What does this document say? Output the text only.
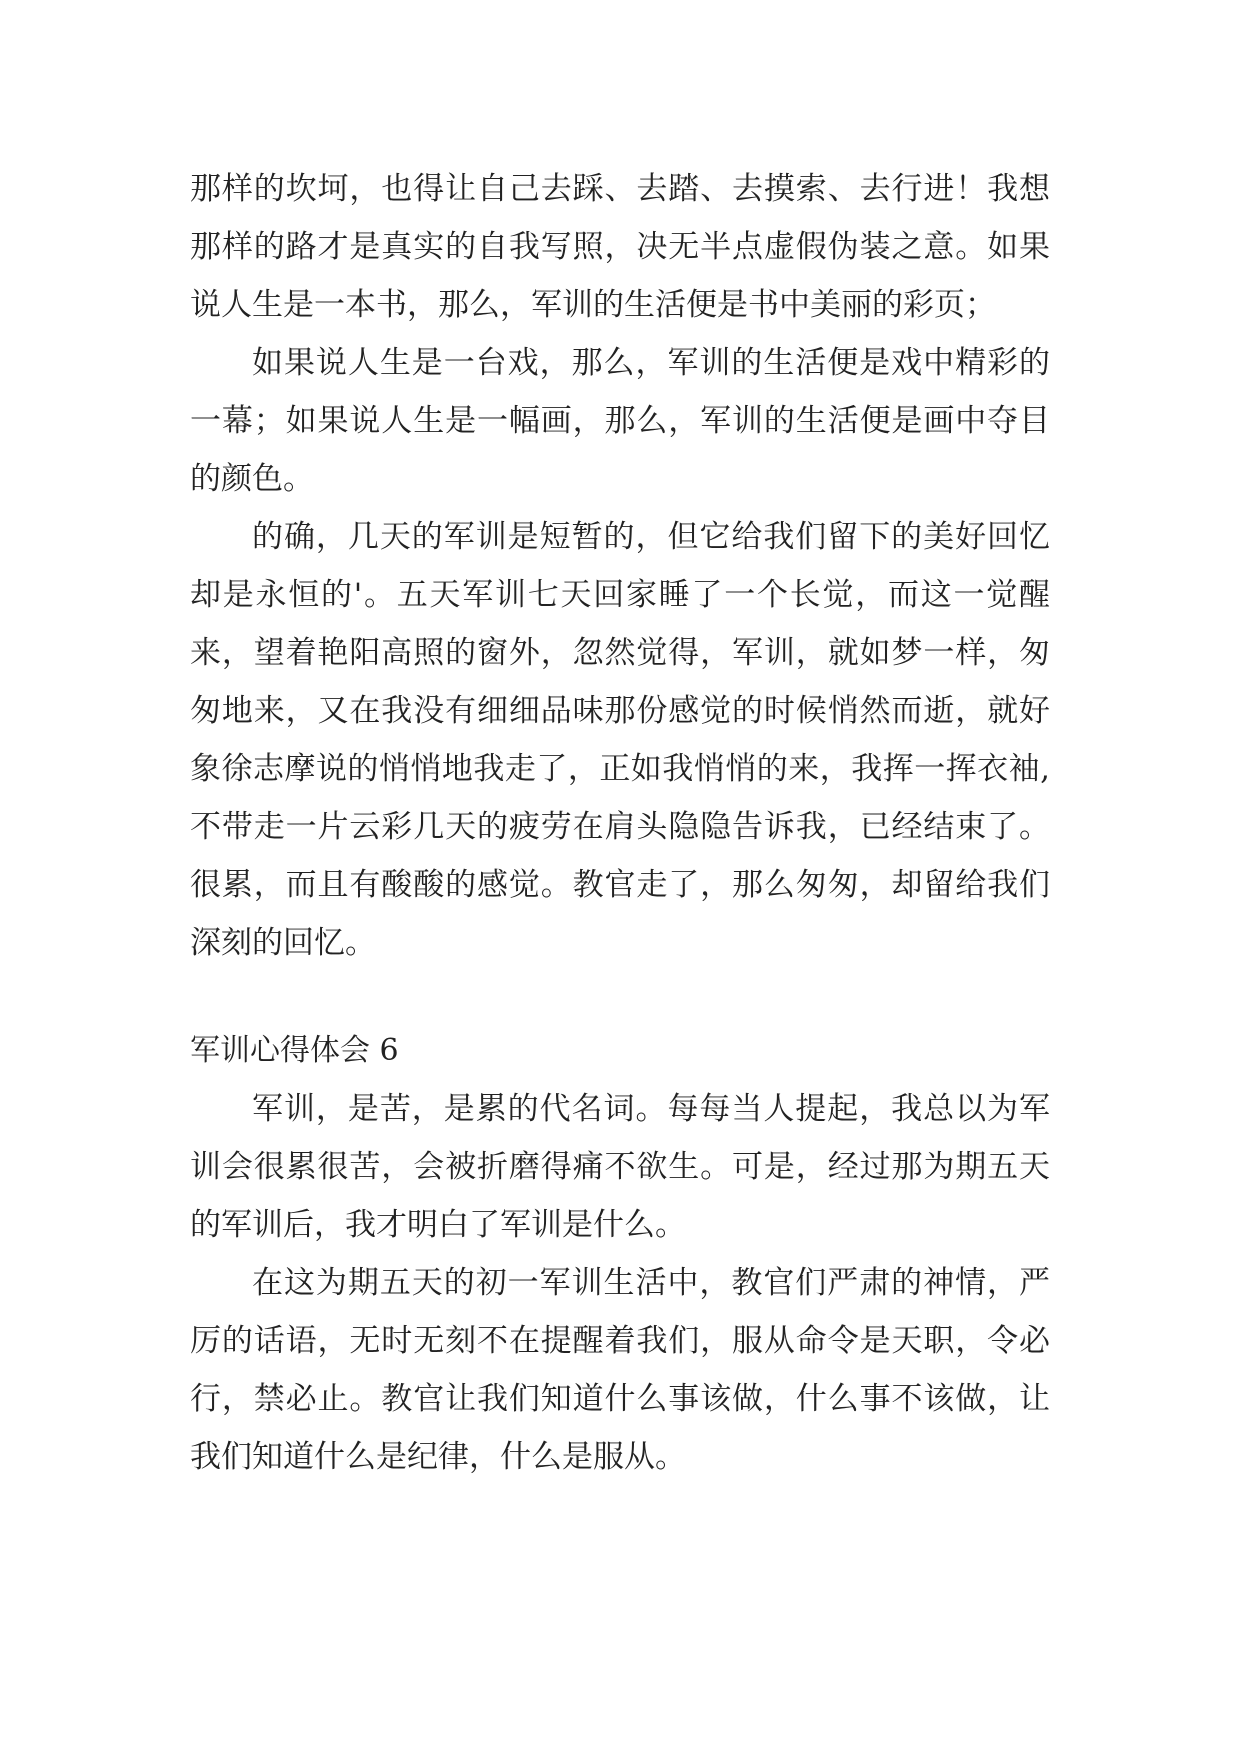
那样的坎坷，也得让自己去踩、去踏、去摸索、去行进！我想那样的路才是真实的自我写照，决无半点虚假伪装之意。如果说人生是一本书，那么，军训的生活便是书中美丽的彩页；

如果说人生是一台戏，那么，军训的生活便是戏中精彩的一幕；如果说人生是一幅画，那么，军训的生活便是画中夺目的颜色。

的确，几天的军训是短暂的，但它给我们留下的美好回忆却是永恒的'。五天军训七天回家睡了一个长觉，而这一觉醒来，望着艳阳高照的窗外，忽然觉得，军训，就如梦一样，匆匆地来，又在我没有细细品味那份感觉的时候悄然而逝，就好象徐志摩说的悄悄地我走了，正如我悄悄的来，我挥一挥衣袖,不带走一片云彩几天的疲劳在肩头隐隐告诉我，已经结束了。很累，而且有酸酸的感觉。教官走了，那么匆匆，却留给我们深刻的回忆。

军训心得体会 6

军训，是苦，是累的代名词。每每当人提起，我总以为军训会很累很苦，会被折磨得痛不欲生。可是，经过那为期五天的军训后，我才明白了军训是什么。

在这为期五天的初一军训生活中，教官们严肃的神情，严厉的话语，无时无刻不在提醒着我们，服从命令是天职，令必行，禁必止。教官让我们知道什么事该做，什么事不该做，让我们知道什么是纪律，什么是服从。
